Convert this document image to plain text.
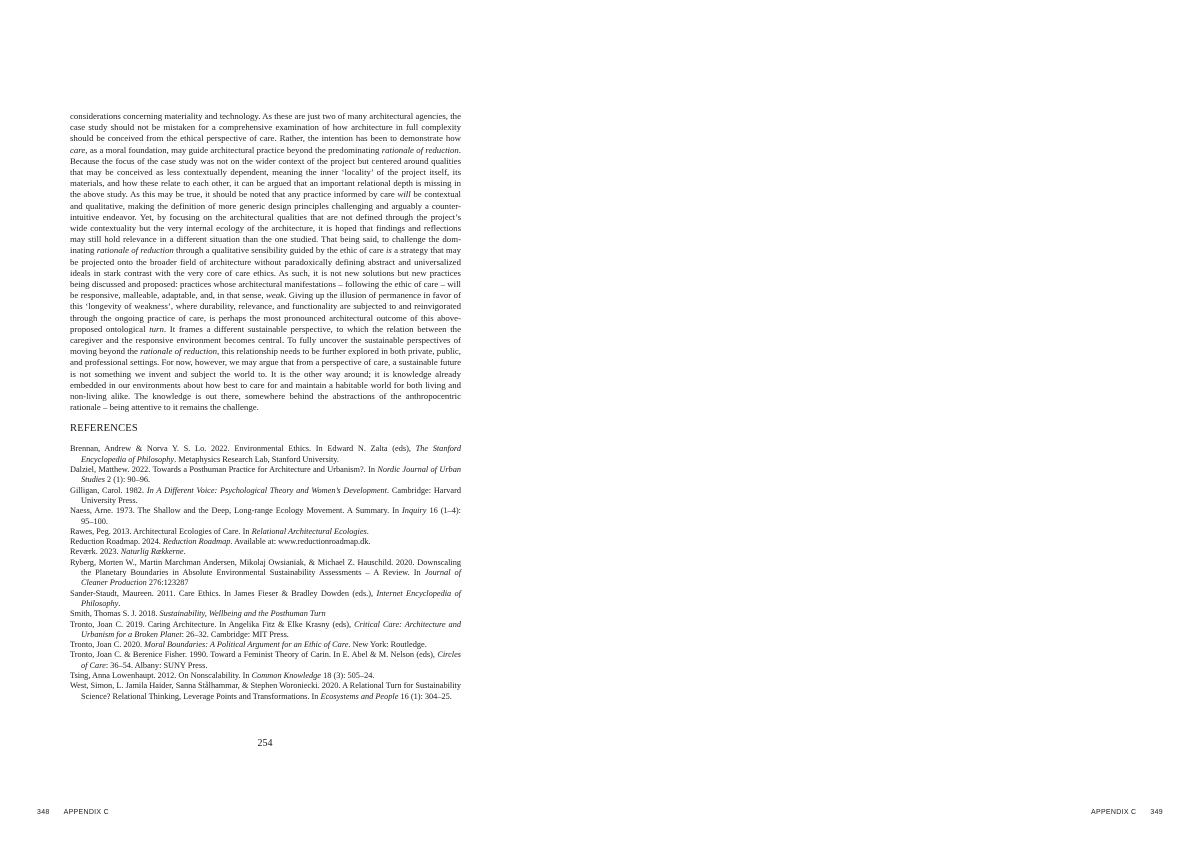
considerations concerning materiality and technology. As these are just two of many architectural agencies, the case study should not be mistaken for a comprehensive examination of how architecture in full complexity should be conceived from the ethical perspective of care. Rather, the intention has been to demonstrate how care, as a moral foundation, may guide architectural practice beyond the predominating rationale of reduction. Because the focus of the case study was not on the wider context of the project but centered around qualities that may be conceived as less contextually dependent, meaning the inner ‘locality’ of the project itself, its materials, and how these relate to each other, it can be argued that an important relational depth is missing in the above study. As this may be true, it should be noted that any practice informed by care will be contextual and qualitative, making the definition of more generic design principles challenging and arguably a counter-intuitive endeavor. Yet, by focusing on the architectural qualities that are not defined through the project’s wide contextuality but the very internal ecology of the architecture, it is hoped that findings and reflections may still hold relevance in a different situation than the one studied. That being said, to challenge the dominating rationale of reduction through a qualitative sensibility guided by the ethic of care is a strategy that may be projected onto the broader field of architecture without paradoxically defining abstract and universalized ideals in stark contrast with the very core of care ethics. As such, it is not new solutions but new practices being discussed and proposed: practices whose architectural manifestations – following the ethic of care – will be responsive, malleable, adaptable, and, in that sense, weak. Giving up the illusion of permanence in favor of this ‘longevity of weakness’, where durability, relevance, and functionality are subjected to and reinvigorated through the ongoing practice of care, is perhaps the most pronounced architectural outcome of this above-proposed ontological turn. It frames a different sustainable perspective, to which the relation between the caregiver and the responsive environment becomes central. To fully uncover the sustainable perspectives of moving beyond the rationale of reduction, this relationship needs to be further explored in both private, public, and professional settings. For now, however, we may argue that from a perspective of care, a sustainable future is not something we invent and subject the world to. It is the other way around; it is knowledge already embedded in our environments about how best to care for and maintain a habitable world for both living and non-living alike. The knowledge is out there, somewhere behind the abstractions of the anthropocentric rationale – being attentive to it remains the challenge.

REFERENCES

Brennan, Andrew & Norva Y. S. Lo. 2022. Environmental Ethics. In Edward N. Zalta (eds), The Stanford Encyclopedia of Philosophy. Metaphysics Research Lab, Stanford University.

Dalziel, Matthew. 2022. Towards a Posthuman Practice for Architecture and Urbanism?. In Nordic Journal of Urban Studies 2 (1): 90–96.

Gilligan, Carol. 1982. In A Different Voice: Psychological Theory and Women’s Development. Cambridge: Harvard University Press.

Naess, Arne. 1973. The Shallow and the Deep, Long-range Ecology Movement. A Summary. In Inquiry 16 (1–4): 95–100.

Rawes, Peg. 2013. Architectural Ecologies of Care. In Relational Architectural Ecologies.

Reduction Roadmap. 2024. Reduction Roadmap. Available at: www.reductionroadmap.dk.

Reværk. 2023. Naturlig Rækkerne.

Ryberg, Morten W., Martin Marchman Andersen, Mikolaj Owsianiak, & Michael Z. Hauschild. 2020. Downscaling the Planetary Boundaries in Absolute Environmental Sustainability Assessments – A Review. In Journal of Cleaner Production 276:123287

Sander-Staudt, Maureen. 2011. Care Ethics. In James Fieser & Bradley Dowden (eds.), Internet Encyclopedia of Philosophy.

Smith, Thomas S. J. 2018. Sustainability, Wellbeing and the Posthuman Turn

Tronto, Joan C. 2019. Caring Architecture. In Angelika Fitz & Elke Krasny (eds), Critical Care: Architecture and Urbanism for a Broken Planet: 26–32. Cambridge: MIT Press.

Tronto, Joan C. 2020. Moral Boundaries: A Political Argument for an Ethic of Care. New York: Routledge.

Tronto, Joan C. & Berenice Fisher. 1990. Toward a Feminist Theory of Carin. In E. Abel & M. Nelson (eds), Circles of Care: 36–54. Albany: SUNY Press.

Tsing, Anna Lowenhaupt. 2012. On Nonscalability. In Common Knowledge 18 (3): 505–24.

West, Simon, L. Jamila Haider, Sanna Stålhammar, & Stephen Woroniecki. 2020. A Relational Turn for Sustainability Science? Relational Thinking, Leverage Points and Transformations. In Ecosystems and People 16 (1): 304–25.

254
348 APPENDIX C	APPENDIX C 349
